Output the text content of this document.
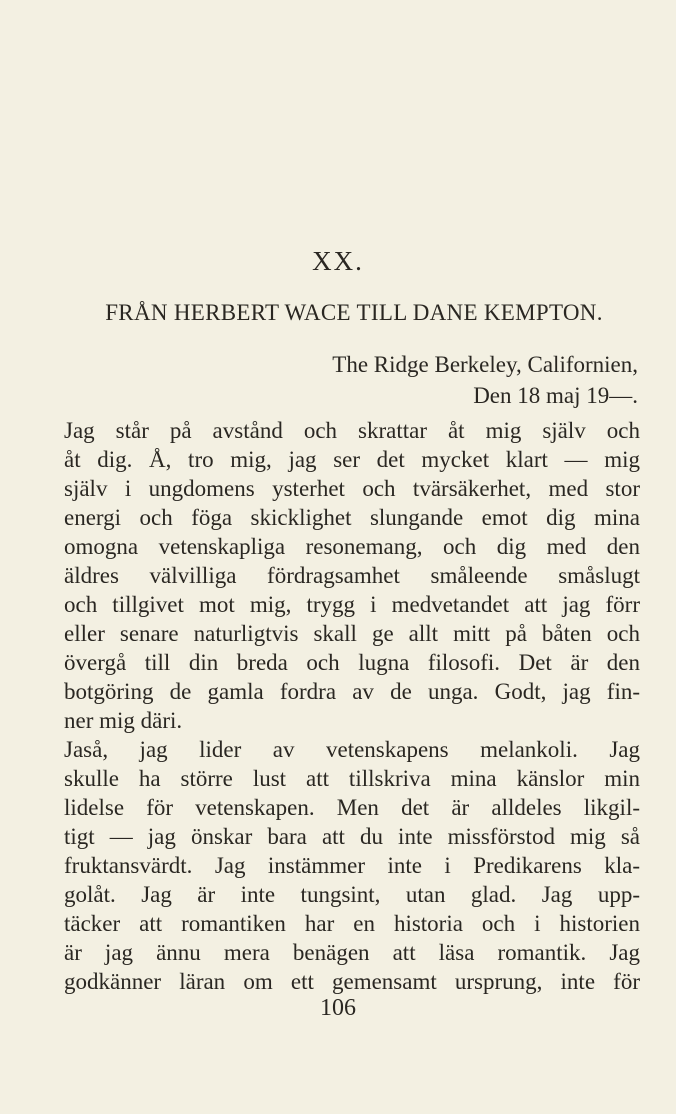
XX.
FRÅN HERBERT WACE TILL DANE KEMPTON.
The Ridge Berkeley, Californien,
Den 18 maj 19—.
Jag står på avstånd och skrattar åt mig själv och
åt dig. Å, tro mig, jag ser det mycket klart — mig
själv i ungdomens ysterhet och tvärsäkerhet, med stor
energi och föga skicklighet slungande emot dig mina
omogna vetenskapliga resonemang, och dig med den
äldres välvilliga fördragsamhet småleende småslugt
och tillgivet mot mig, trygg i medvetandet att jag förr
eller senare naturligtvis skall ge allt mitt på båten och
övergå till din breda och lugna filosofi. Det är den
botgöring de gamla fordra av de unga. Godt, jag fin-
ner mig däri.
Jaså, jag lider av vetenskapens melankoli. Jag
skulle ha större lust att tillskriva mina känslor min
lidelse för vetenskapen. Men det är alldeles likgil-
tigt — jag önskar bara att du inte missförstod mig så
fruktansvärdt. Jag instämmer inte i Predikarens kla-
golåt. Jag är inte tungsint, utan glad. Jag upp-
täcker att romantiken har en historia och i historien
är jag ännu mera benägen att läsa romantik. Jag
godkänner läran om ett gemensamt ursprung, inte för
106
